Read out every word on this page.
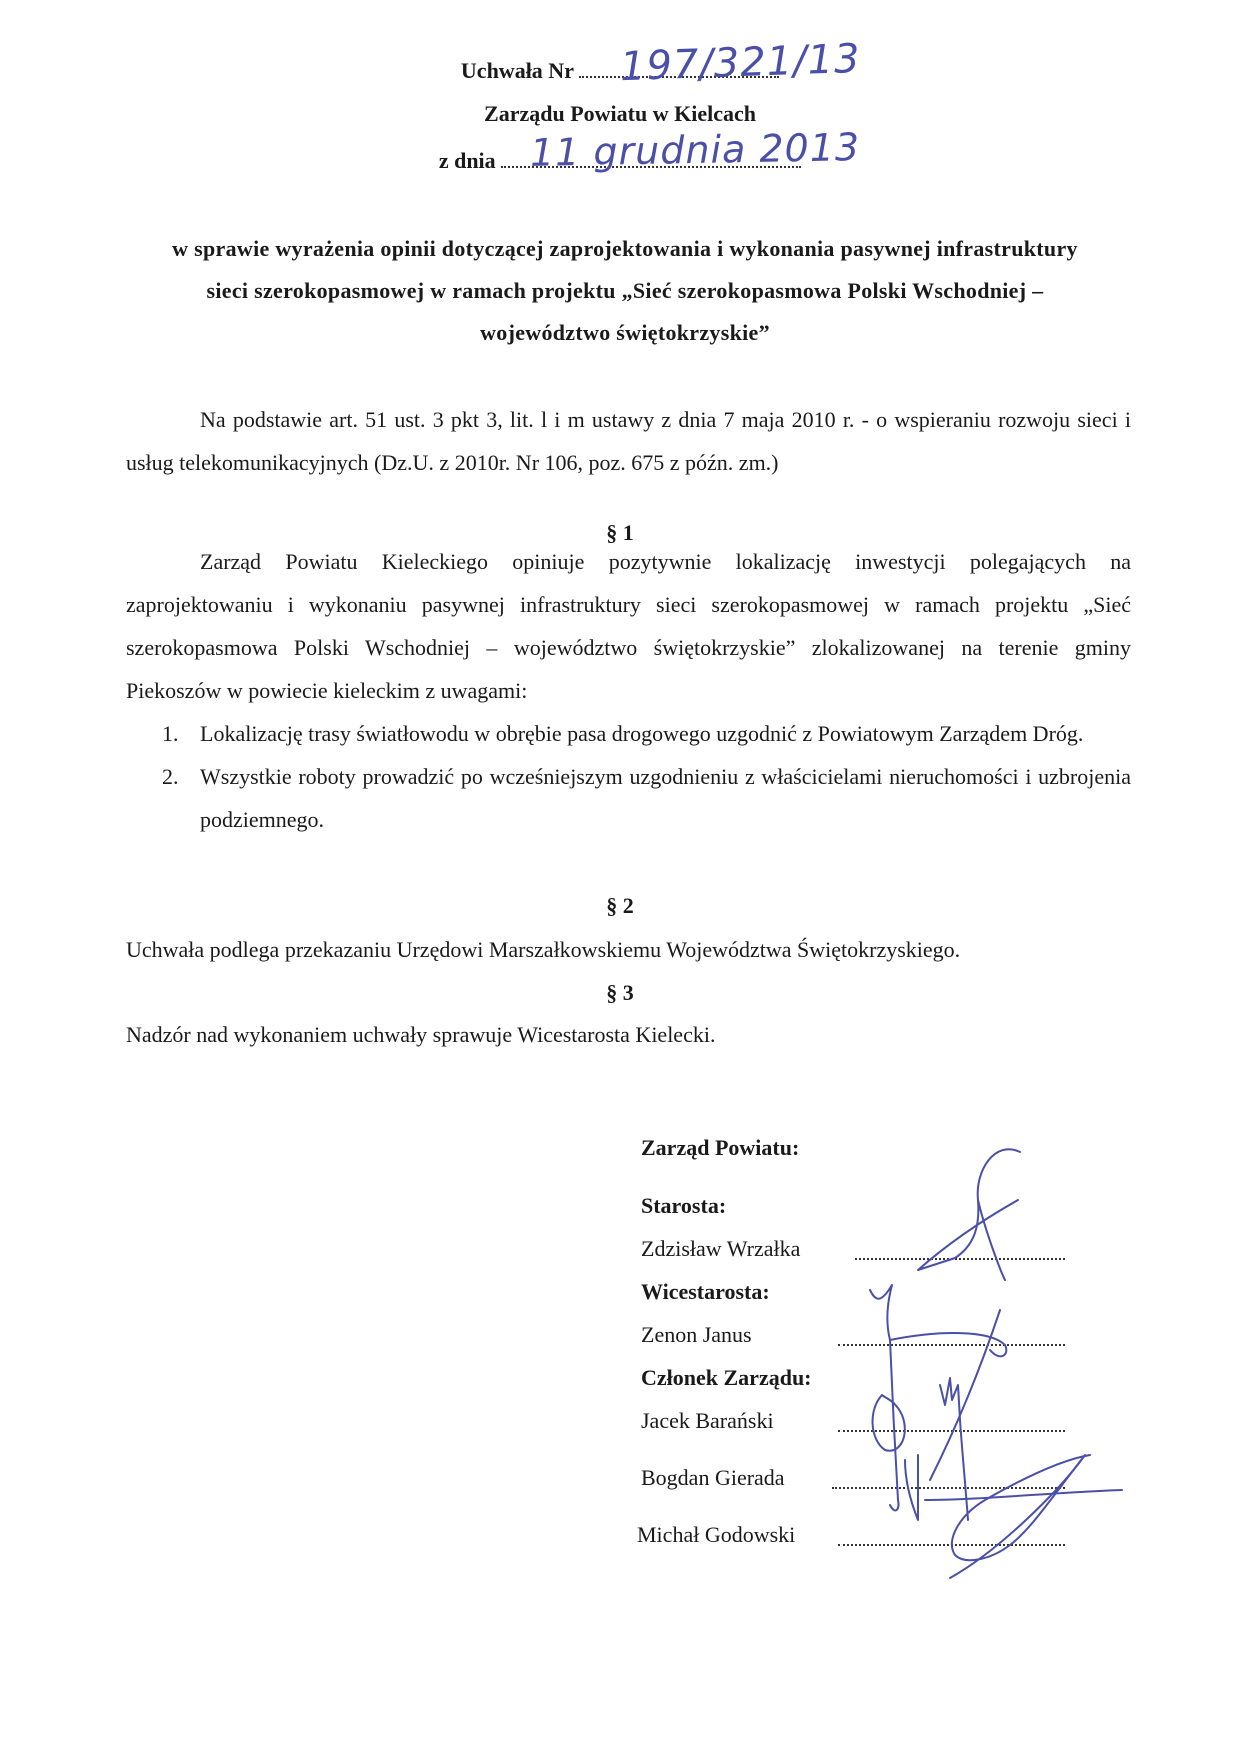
Uchwała Nr	197/321/13
Zarządu Powiatu w Kielcach
z dnia 11 grudnia 2013
w sprawie wyrażenia opinii dotyczącej zaprojektowania i wykonania pasywnej infrastruktury
sieci szerokopasmowej w ramach projektu „Sieć szerokopasmowa Polski Wschodniej –
województwo świętokrzyskie”
Na podstawie art. 51 ust. 3 pkt 3, lit. l i m ustawy z dnia 7 maja 2010 r. - o wspieraniu rozwoju sieci i usług telekomunikacyjnych (Dz.U. z 2010r. Nr 106, poz. 675 z późn. zm.)
§ 1
Zarząd Powiatu Kieleckiego opiniuje pozytywnie lokalizację inwestycji polegających na zaprojektowaniu i wykonaniu pasywnej infrastruktury sieci szerokopasmowej w ramach projektu „Sieć szerokopasmowa Polski Wschodniej – województwo świętokrzyskie” zlokalizowanej na terenie gminy Piekoszów w powiecie kieleckim z uwagami:
1. Lokalizację trasy światłowodu w obrębie pasa drogowego uzgodnić z Powiatowym Zarządem Dróg.
2. Wszystkie roboty prowadzić po wcześniejszym uzgodnieniu z właścicielami nieruchomości i uzbrojenia podziemnego.
§ 2
Uchwała podlega przekazaniu Urzędowi Marszałkowskiemu Województwa Świętokrzyskiego.
§ 3
Nadzór nad wykonaniem uchwały sprawuje Wicestarosta Kielecki.
Zarząd Powiatu:
Starosta:
Zdzisław Wrzałka
Wicestarosta:
Zenon Janus
Członek Zarządu:
Jacek Barański
Bogdan Gierada
Michał Godowski
